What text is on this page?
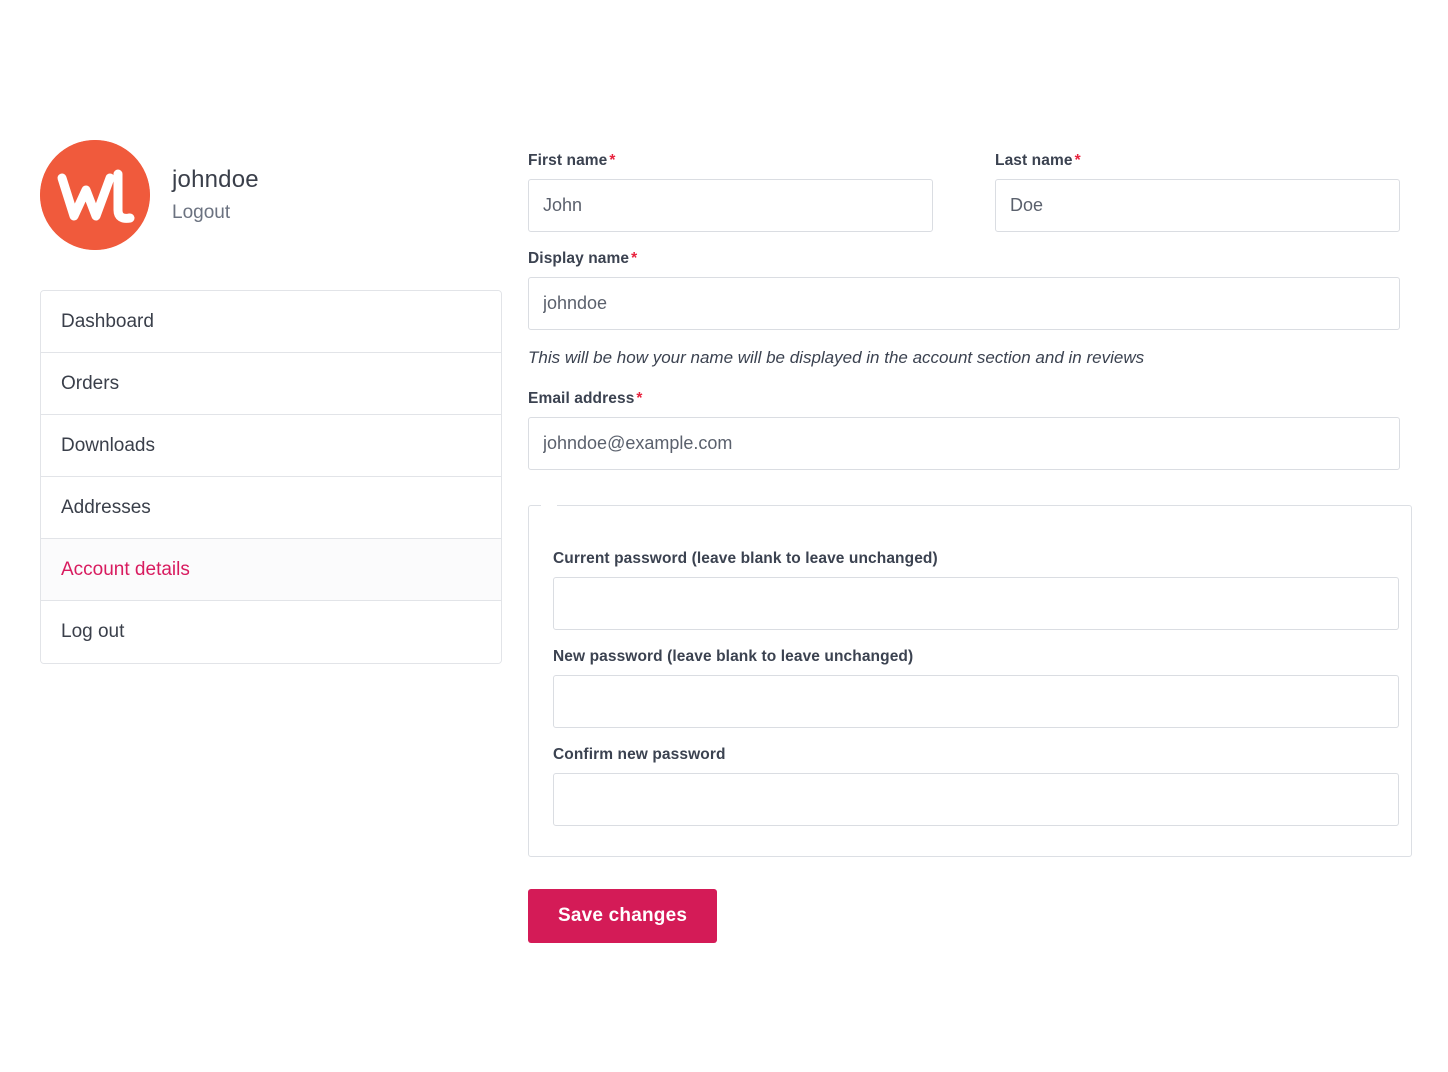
johndoe
Logout
Dashboard
Orders
Downloads
Addresses
Account details
Log out
First name *
John	Last name *
Doe
Display name *
johndoe
This will be how your name will be displayed in the account section and in reviews
Email address *
johndoe@example.com

Current password (leave blank to leave unchanged)
New password (leave blank to leave unchanged)
Confirm new password
Save changes
